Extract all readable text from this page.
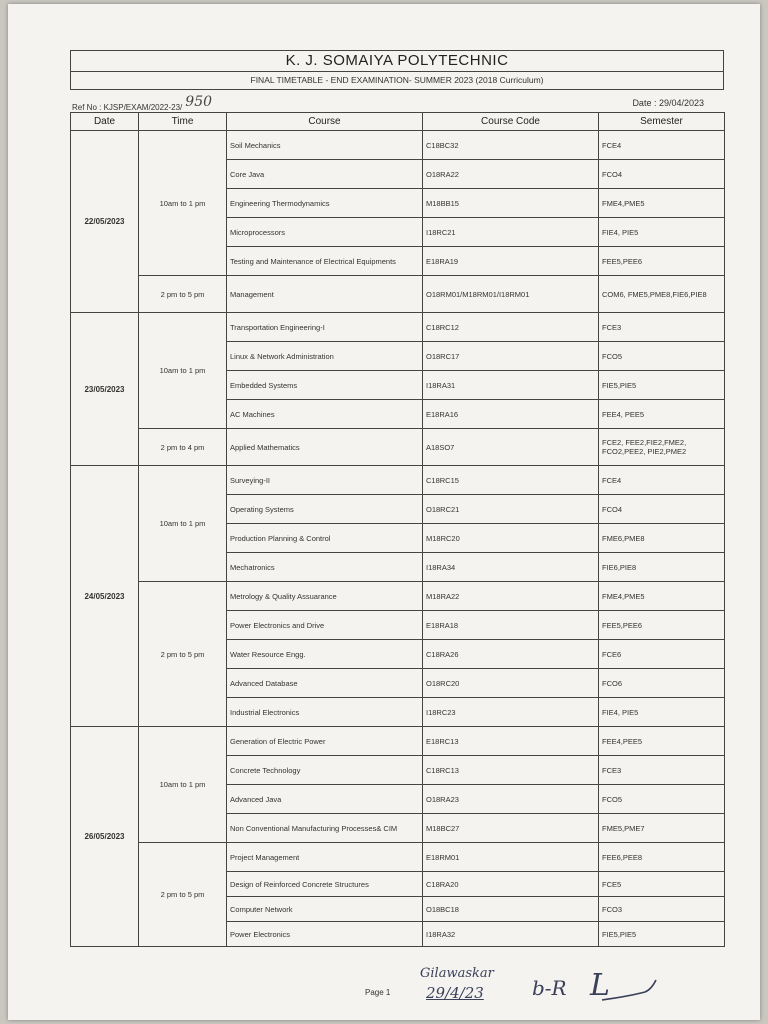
K. J. SOMAIYA POLYTECHNIC
FINAL TIMETABLE - END EXAMINATION- SUMMER 2023 (2018 Curriculum)
Ref No : KJSP/EXAM/2022-23/ 950	Date : 29/04/2023
Date	Time	Course	Course Code	Semester
22/05/2023	10am to 1 pm	Soil Mechanics	C18BC32	FCE4
		Core Java	O18RA22	FCO4
		Engineering Thermodynamics	M18BB15	FME4,PME5
		Microprocessors	I18RC21	FIE4, PIE5
		Testing and Maintenance of Electrical Equipments	E18RA19	FEE5,PEE6
	2 pm to 5 pm	Management	O18RM01/M18RM01/I18RM01	COM6, FME5,PME8,FIE6,PIE8
23/05/2023	10am to 1 pm	Transportation Engineering-I	C18RC12	FCE3
		Linux & Network Administration	O18RC17	FCO5
		Embedded Systems	I18RA31	FIE5,PIE5
		AC Machines	E18RA16	FEE4, PEE5
	2 pm to 4 pm	Applied Mathematics	A18SO7	FCE2, FEE2,FIE2,FME2, FCO2,PEE2, PIE2,PME2
24/05/2023	10am to 1 pm	Surveying-II	C18RC15	FCE4
		Operating Systems	O18RC21	FCO4
		Production Planning & Control	M18RC20	FME6,PME8
		Mechatronics	I18RA34	FIE6,PIE8
	2 pm to 5 pm	Metrology & Quality Assuarance	M18RA22	FME4,PME5
		Power Electronics and Drive	E18RA18	FEE5,PEE6
		Water Resource Engg.	C18RA26	FCE6
		Advanced Database	O18RC20	FCO6
		Industrial Electronics	I18RC23	FIE4, PIE5
26/05/2023	10am to 1 pm	Generation of Electric Power	E18RC13	FEE4,PEE5
		Concrete Technology	C18RC13	FCE3
		Advanced Java	O18RA23	FCO5
		Non Conventional Manufacturing Processes& CIM	M18BC27	FME5,PME7
	2 pm to 5 pm	Project Management	E18RM01	FEE6,PEE8
		Design of Reinforced Concrete Structures	C18RA20	FCE5
		Computer Network	O18BC18	FCO3
		Power Electronics	I18RA32	FIE5,PIE5
Page 1
Gilawaskar
29/4/23 b-R L
